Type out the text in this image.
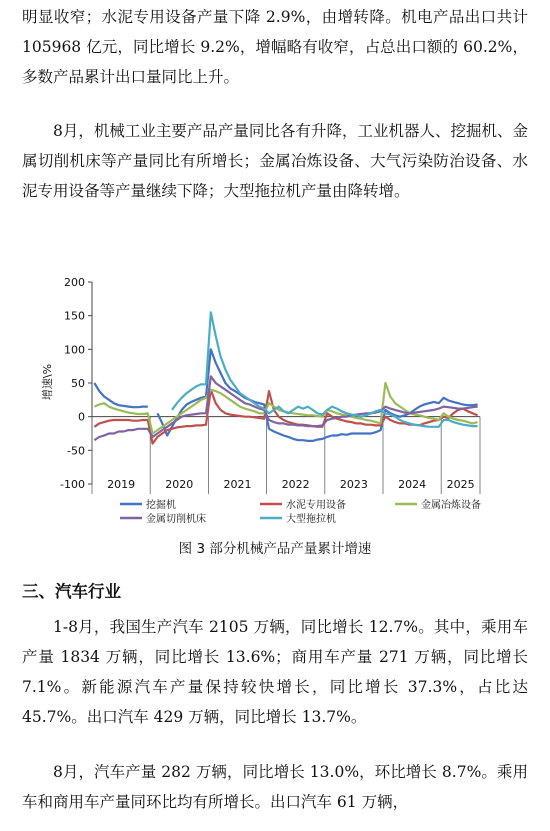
明显收窄；水泥专用设备产量下降 2.9%，由增转降。机电产品出口共计 105968 亿元，同比增长 9.2%，增幅略有收窄，占总出口额的 60.2%，多数产品累计出口量同比上升。

8月，机械工业主要产品产量同比各有升降，工业机器人、挖掘机、金属切削机床等产量同比有所增长；金属冶炼设备、大气污染防治设备、水泥专用设备等产量继续下降；大型拖拉机产量由降转增。

增速\%
-100
-50
0
50
100
150
200
2019	2020	2021	2022	2023	2024 2025
挖掘机	水泥专用设备	金属冶炼设备
金属切削机床	大型拖拉机
图 3 部分机械产品产量累计增速
三、汽车行业

1-8月，我国生产汽车 2105 万辆，同比增长 12.7%。其中，乘用车产量 1834 万辆，同比增长 13.6%；商用车产量 271 万辆，同比增长 7.1%。新能源汽车产量保持较快增长，同比增长 37.3%，占比达 45.7%。出口汽车 429 万辆，同比增长 13.7%。

8月，汽车产量 282 万辆，同比增长 13.0%，环比增长 8.7%。乘用车和商用车产量同环比均有所增长。出口汽车 61 万辆，
